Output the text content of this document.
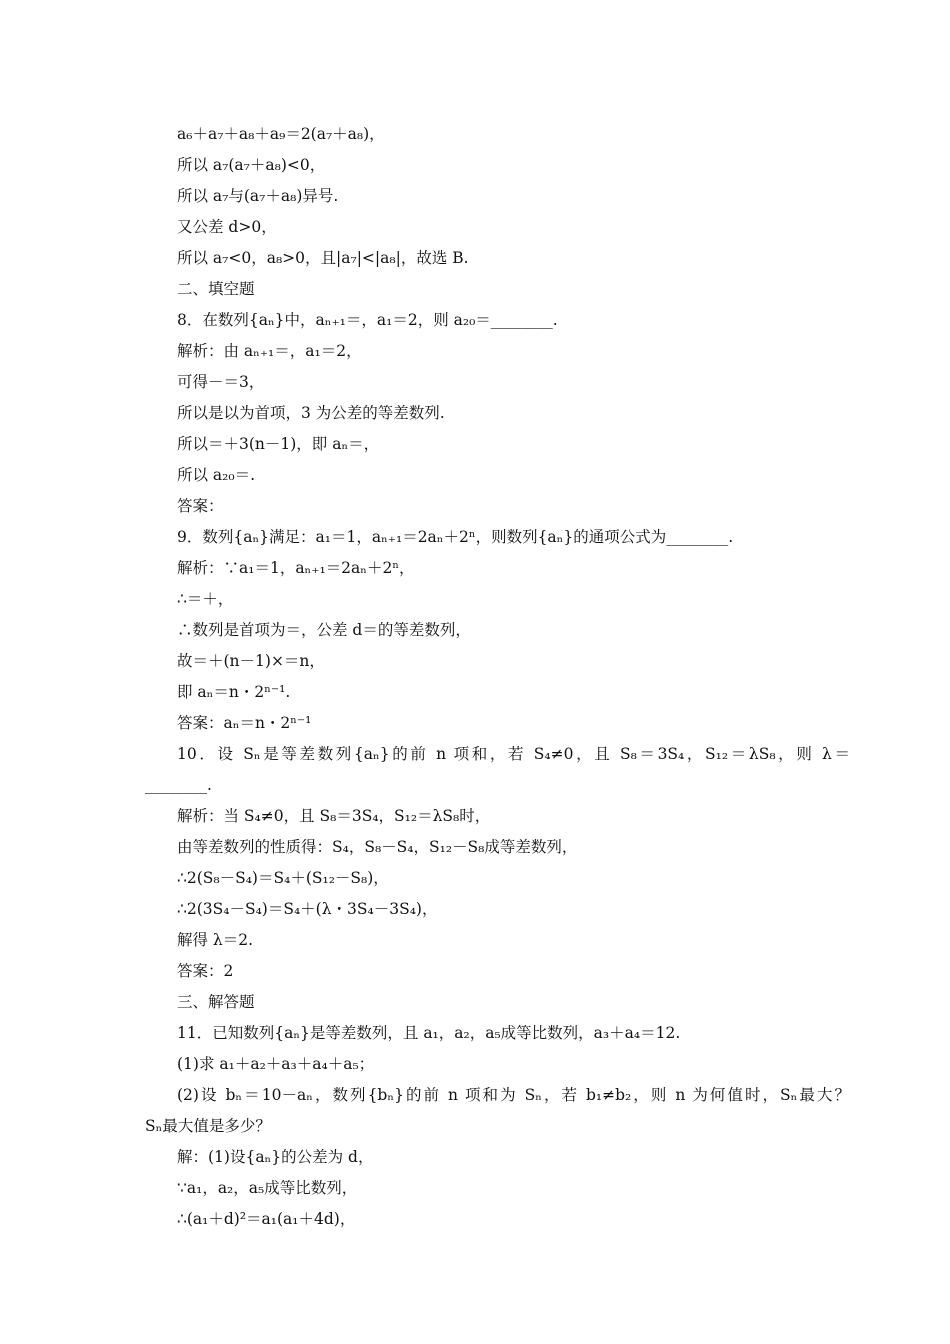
a₆＋a₇＋a₈＋a₉＝2(a₇＋a₈)，
所以 a₇(a₇＋a₈)<0，
所以 a₇与(a₇＋a₈)异号.
又公差 d>0，
所以 a₇<0，a₈>0，且|a₇|<|a₈|，故选 B.
二、填空题
8．在数列{aₙ}中，aₙ₊₁＝，a₁＝2，则 a₂₀＝________.
解析：由 aₙ₊₁＝，a₁＝2，
可得－＝3，
所以是以为首项，3 为公差的等差数列.
所以＝＋3(n－1)，即 aₙ＝，
所以 a₂₀＝.
答案：
9．数列{aₙ}满足：a₁＝1，aₙ₊₁＝2aₙ＋2ⁿ，则数列{aₙ}的通项公式为________.
解析：∵a₁＝1，aₙ₊₁＝2aₙ＋2ⁿ，
∴＝＋，
∴数列是首项为＝，公差 d＝的等差数列，
故＝＋(n－1)×＝n，
即 aₙ＝n・2ⁿ⁻¹.
答案：aₙ＝n・2ⁿ⁻¹
10．设 Sₙ是等差数列{aₙ}的前 n 项和，若 S₄≠0，且 S₈＝3S₄，S₁₂＝λS₈，则 λ＝
________.
解析：当 S₄≠0，且 S₈＝3S₄，S₁₂＝λS₈时，
由等差数列的性质得：S₄，S₈－S₄，S₁₂－S₈成等差数列，
∴2(S₈－S₄)＝S₄＋(S₁₂－S₈)，
∴2(3S₄－S₄)＝S₄＋(λ・3S₄－3S₄)，
解得 λ＝2.
答案：2
三、解答题
11．已知数列{aₙ}是等差数列，且 a₁，a₂，a₅成等比数列，a₃＋a₄＝12.
(1)求 a₁＋a₂＋a₃＋a₄＋a₅；
(2)设 bₙ＝10－aₙ，数列{bₙ}的前 n 项和为 Sₙ，若 b₁≠b₂，则 n 为何值时，Sₙ最大？
Sₙ最大值是多少？
解：(1)设{aₙ}的公差为 d，
∵a₁，a₂，a₅成等比数列，
∴(a₁＋d)²＝a₁(a₁＋4d)，
